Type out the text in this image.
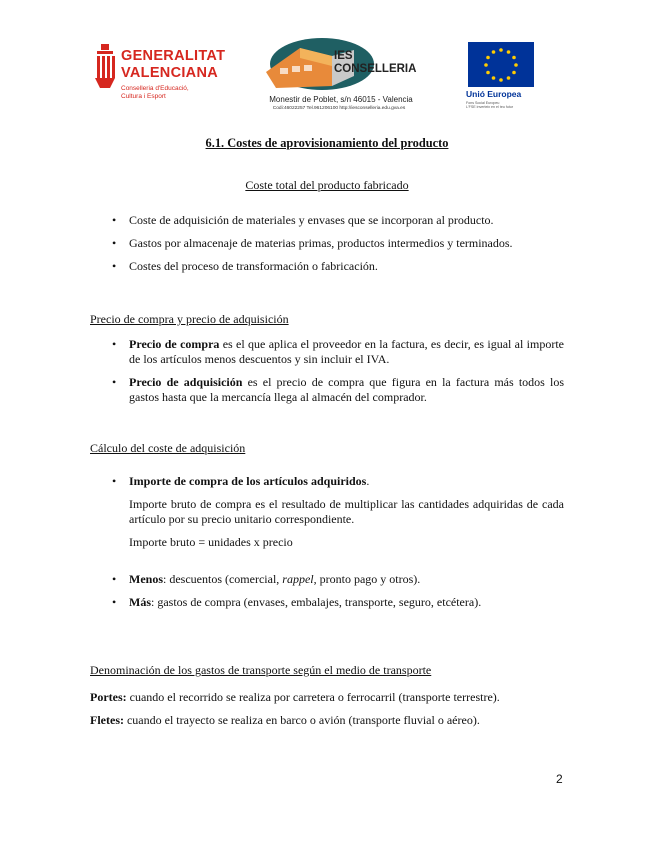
GENERALITAT
VALENCIANA
Conselleria d'Educació,
Cultura i Esport
IES
CONSELLERIA
Monestir de Poblet, s/n 46015 - Valencia
Codi:46022257 Tel.961206100 http://iesconselleria.edu.gva.es
Unió Europea
Fons Social Europeu
L'FSE inverteix en el teu futur

6.1. Costes de aprovisionamiento del producto

Coste total del producto fabricado

• Coste de adquisición de materiales y envases que se incorporan al producto.
• Gastos por almacenaje de materias primas, productos intermedios y terminados.
• Costes del proceso de transformación o fabricación.

Precio de compra y precio de adquisición

• Precio de compra es el que aplica el proveedor en la factura, es decir, es igual al importe de los artículos menos descuentos y sin incluir el IVA.
• Precio de adquisición es el precio de compra que figura en la factura más todos los gastos hasta que la mercancía llega al almacén del comprador.

Cálculo del coste de adquisición

• Importe de compra de los artículos adquiridos.
Importe bruto de compra es el resultado de multiplicar las cantidades adquiridas de cada artículo por su precio unitario correspondiente.
Importe bruto = unidades x precio
• Menos: descuentos (comercial, rappel, pronto pago y otros).
• Más: gastos de compra (envases, embalajes, transporte, seguro, etcétera).

Denominación de los gastos de transporte según el medio de transporte

Portes: cuando el recorrido se realiza por carretera o ferrocarril (transporte terrestre).

Fletes: cuando el trayecto se realiza en barco o avión (transporte fluvial o aéreo).

2
